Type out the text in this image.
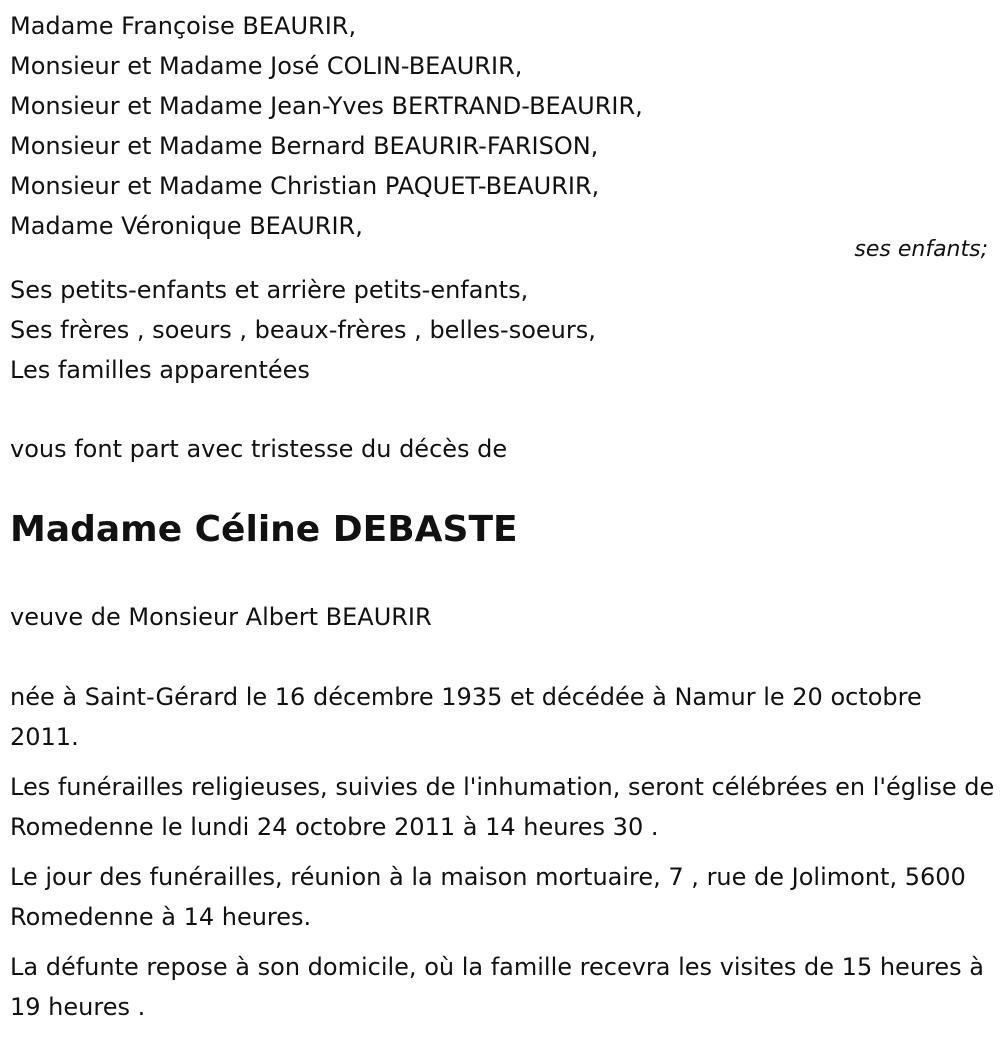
Madame Françoise BEAURIR,

Monsieur et Madame José COLIN-BEAURIR,

Monsieur et Madame Jean-Yves BERTRAND-BEAURIR,

Monsieur et Madame Bernard BEAURIR-FARISON,

Monsieur et Madame Christian PAQUET-BEAURIR,

Madame Véronique BEAURIR,

ses enfants;

Ses petits-enfants et arrière petits-enfants,

Ses frères , soeurs , beaux-frères , belles-soeurs,

Les familles apparentées

vous font part avec tristesse du décès de

Madame Céline DEBASTE

veuve de Monsieur Albert BEAURIR

née à Saint-Gérard le 16 décembre 1935 et décédée à Namur le 20 octobre 2011.

Les funérailles religieuses, suivies de l'inhumation, seront célébrées en l'église de Romedenne le lundi 24 octobre 2011 à 14 heures 30 .

Le jour des funérailles, réunion à la maison mortuaire, 7 , rue de Jolimont, 5600 Romedenne à 14 heures.

La défunte repose à son domicile, où la famille recevra les visites de 15 heures à 19 heures .
